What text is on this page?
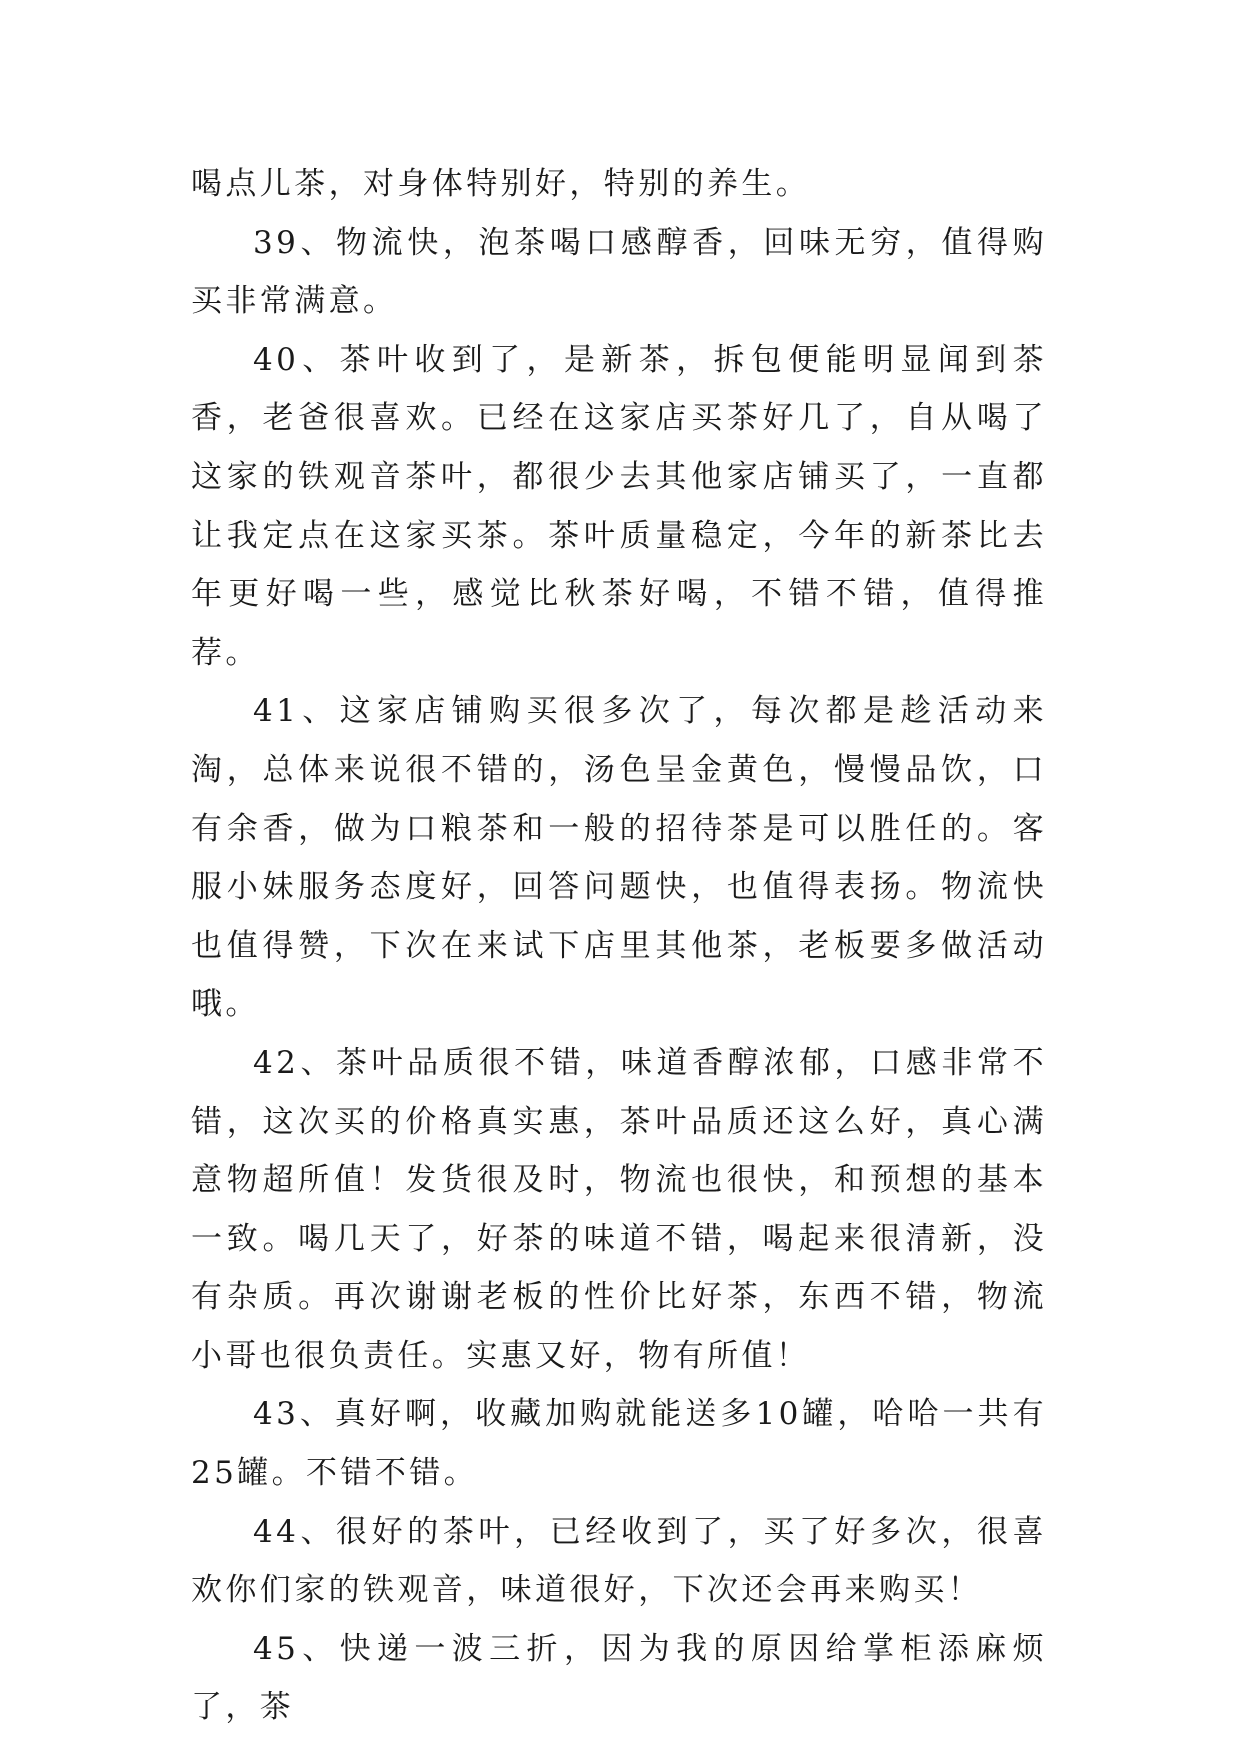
喝点儿茶，对身体特别好，特别的养生。

39、物流快，泡茶喝口感醇香，回味无穷，值得购买非常满意。

40、茶叶收到了，是新茶，拆包便能明显闻到茶香，老爸很喜欢。已经在这家店买茶好几了，自从喝了这家的铁观音茶叶，都很少去其他家店铺买了，一直都让我定点在这家买茶。茶叶质量稳定，今年的新茶比去年更好喝一些，感觉比秋茶好喝，不错不错，值得推荐。

41、这家店铺购买很多次了，每次都是趁活动来淘，总体来说很不错的，汤色呈金黄色，慢慢品饮，口有余香，做为口粮茶和一般的招待茶是可以胜任的。客服小妹服务态度好，回答问题快，也值得表扬。物流快也值得赞，下次在来试下店里其他茶，老板要多做活动哦。

42、茶叶品质很不错，味道香醇浓郁，口感非常不错，这次买的价格真实惠，茶叶品质还这么好，真心满意物超所值！发货很及时，物流也很快，和预想的基本一致。喝几天了，好茶的味道不错，喝起来很清新，没有杂质。再次谢谢老板的性价比好茶，东西不错，物流小哥也很负责任。实惠又好，物有所值！

43、真好啊，收藏加购就能送多10罐，哈哈一共有25罐。不错不错。

44、很好的茶叶，已经收到了，买了好多次，很喜欢你们家的铁观音，味道很好，下次还会再来购买！

45、快递一波三折，因为我的原因给掌柜添麻烦了，茶
